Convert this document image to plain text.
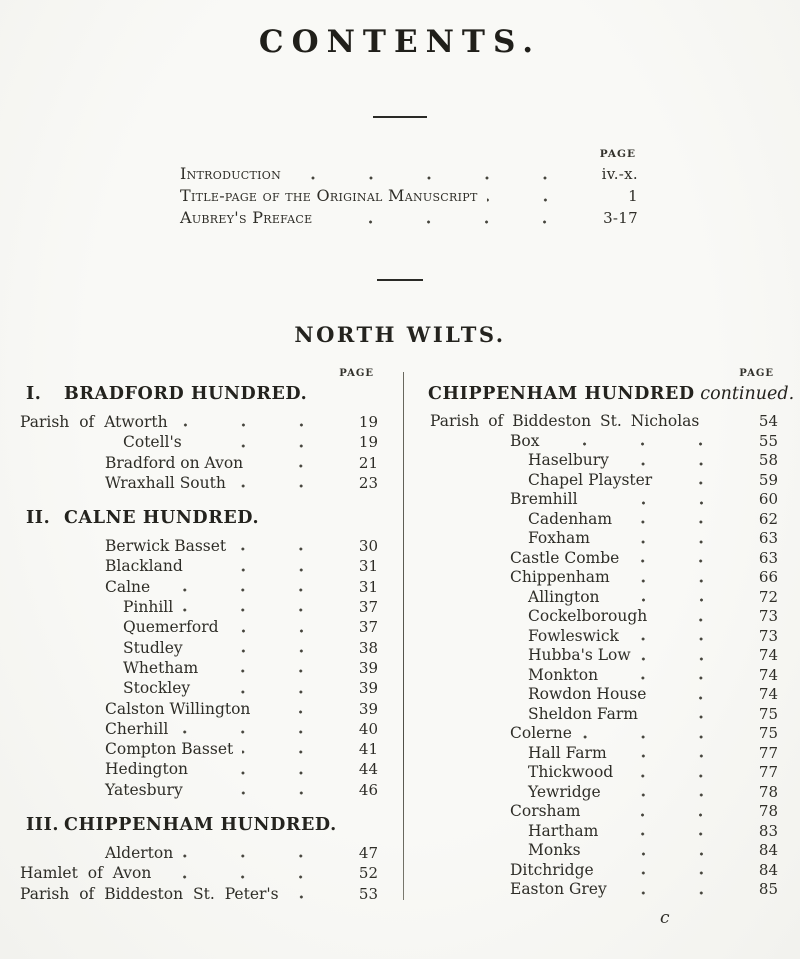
CONTENTS.
PAGE
Introduction	iv.-x.
Title-page of the Original Manuscript	1
Aubrey's Preface	3-17
NORTH WILTS.
PAGE
I. BRADFORD HUNDRED.
Parish of Atworth	19
Cotell's	19
Bradford on Avon	21
Wraxhall South	23
II. CALNE HUNDRED.
Berwick Basset	30
Blackland	31
Calne	31
Pinhill	37
Quemerford	37
Studley	38
Whetham	39
Stockley	39
Calston Willington	39
Cherhill	40
Compton Basset	41
Hedington	44
Yatesbury	46
III. CHIPPENHAM HUNDRED.
Alderton	47
Hamlet of Avon	52
Parish of Biddeston St. Peter's	53
PAGE
CHIPPENHAM HUNDRED continued.
Parish of Biddeston St. Nicholas	54
Box	55
Haselbury	58
Chapel Playster	59
Bremhill	60
Cadenham	62
Foxham	63
Castle Combe	63
Chippenham	66
Allington	72
Cockelborough	73
Fowleswick	73
Hubba's Low	74
Monkton	74
Rowdon House	74
Sheldon Farm	75
Colerne	75
Hall Farm	77
Thickwood	77
Yewridge	78
Corsham	78
Hartham	83
Monks	84
Ditchridge	84
Easton Grey	85
c
